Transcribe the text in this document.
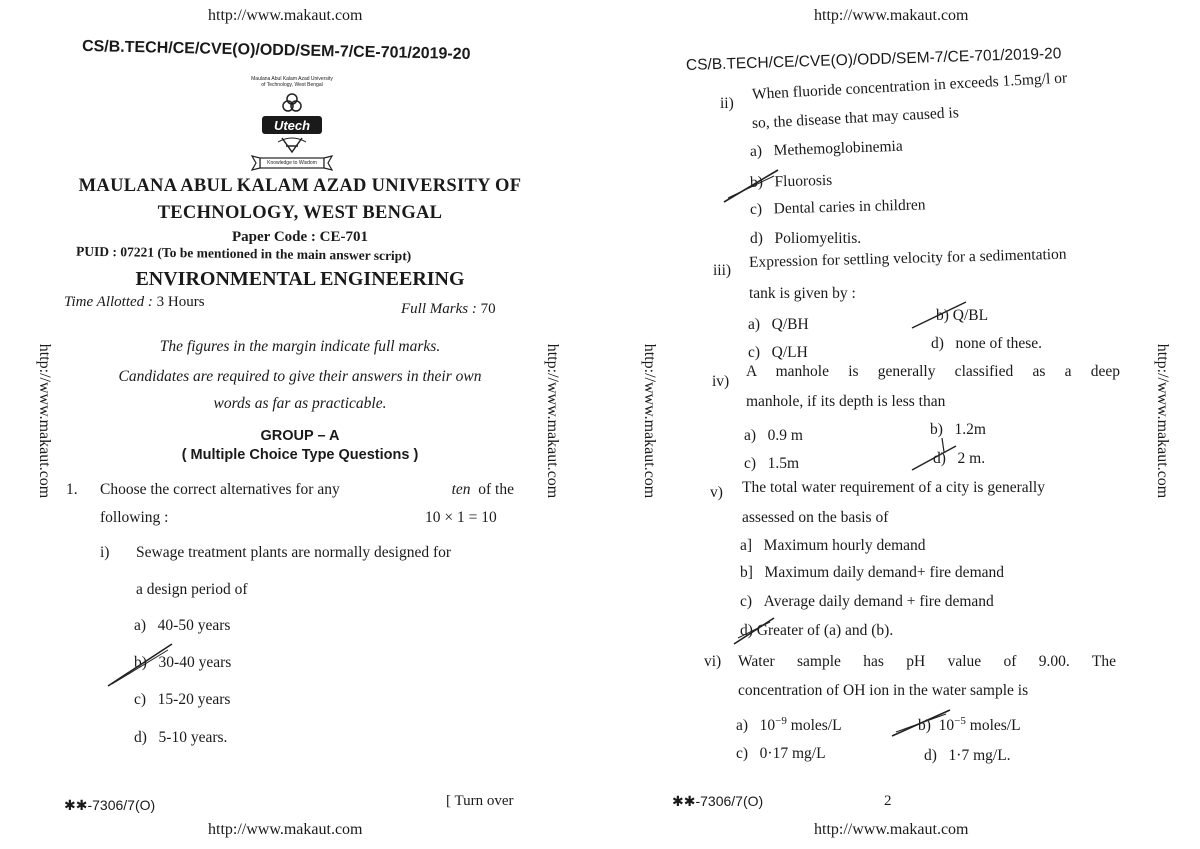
http://www.makaut.com
CS/B.TECH/CE/CVE(O)/ODD/SEM-7/CE-701/2019-20
Maulana Abul Kalam Azad University
of Technology, West Bengal
Utech
Knowledge to Wisdom
MAULANA ABUL KALAM AZAD UNIVERSITY OF
TECHNOLOGY, WEST BENGAL
Paper Code : CE-701
PUID : 07221 (To be mentioned in the main answer script)
ENVIRONMENTAL ENGINEERING
Time Allotted : 3 Hours	Full Marks : 70
The figures in the margin indicate full marks.
Candidates are required to give their answers in their own
words as far as practicable.
GROUP – A
( Multiple Choice Type Questions )
1. Choose the correct alternatives for any	ten of the
following :	10 × 1 = 10
i) Sewage treatment plants are normally designed for
a design period of
a) 40-50 years
b) 30-40 years
c) 15-20 years
d) 5-10 years.
✱✱-7306/7(O)	[ Turn over
http://www.makaut.com
http://www.makaut.com	http://www.makaut.com
http://www.makaut.com
CS/B.TECH/CE/CVE(O)/ODD/SEM-7/CE-701/2019-20
ii)
When fluoride concentration in exceeds 1.5mg/l or
so, the disease that may caused is
a) Methemoglobinemia
b) Fluorosis
c) Dental caries in children
d) Poliomyelitis.
iii) Expression for settling velocity for a sedimentation
tank is given by :
a) Q/BH
b) Q/BL
c) Q/LH
d) none of these.
iv)
A manhole is generally classified as a deep
manhole, if its depth is less than
a) 0.9 m	b) 1.2m
c) 1.5m	d) 2 m.
v) The total water requirement of a city is generally
assessed on the basis of
a] Maximum hourly demand
b] Maximum daily demand+ fire demand
c) Average daily demand + fire demand
d) Greater of (a) and (b).
vi) Water sample has pH value of 9.00. The
concentration of OH ion in the water sample is
a) $10^{-9}$ moles/L	b) $10^{-5}$ moles/L
c) 0·17 mg/L	d) 1·7 mg/L.
✱✱-7306/7(O)	2
http://www.makaut.com
http://www.makaut.com	http://www.makaut.com
